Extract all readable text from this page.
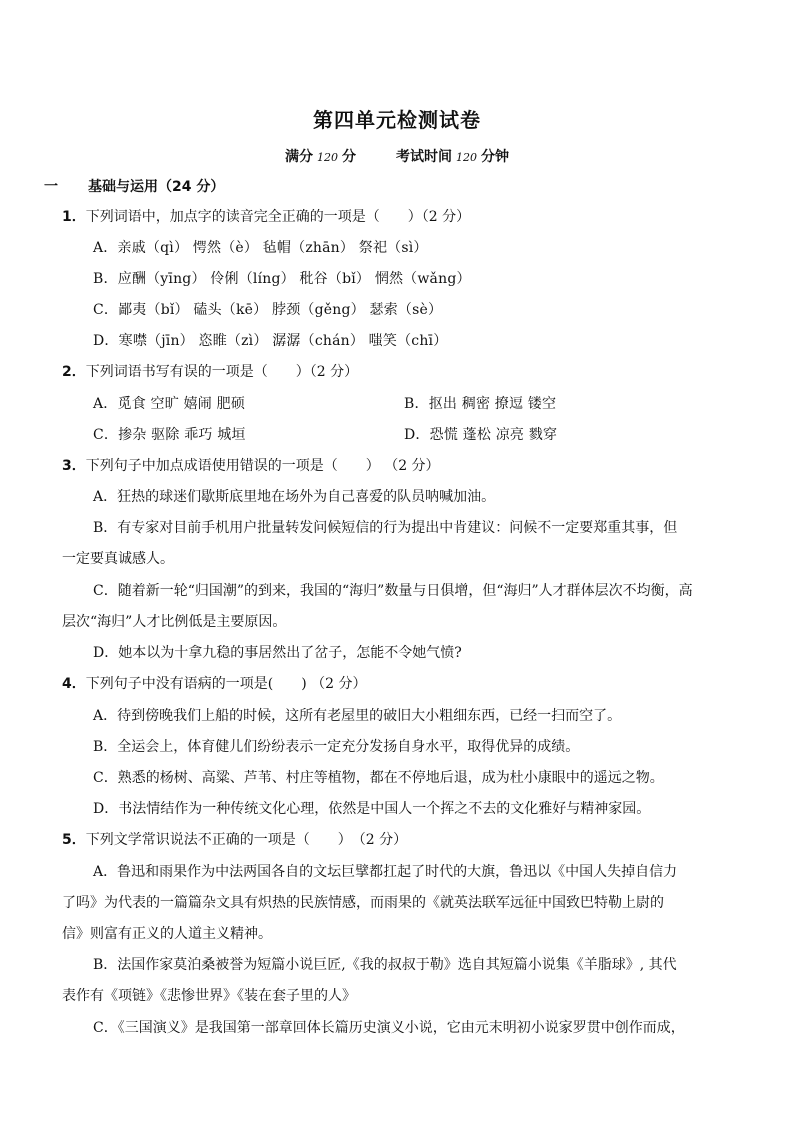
第四单元检测试卷
满分 120 分	考试时间 120 分钟
一 基础与运用（24 分）
1．下列词语中，加点字的读音完全正确的一项是（　　）（2 分）
A．亲戚（qì） 愕然（è） 毡帽（zhān） 祭祀（sì）
B．应酬（yīng） 伶俐（líng） 秕谷（bǐ） 惘然（wǎng）
C．鄙夷（bǐ） 磕头（kē） 脖颈（gěng） 瑟索（sè）
D．寒噤（jīn） 恣睢（zì） 潺潺（chán） 嗤笑（chī）
2．下列词语书写有误的一项是（　　）（2 分）
A．觅食 空旷 嬉闹 肥硕	B．抠出 稠密 撩逗 镂空
C．掺杂 驱除 乖巧 城垣	D．恐慌 蓬松 凉亮 戮穿
3．下列句子中加点成语使用错误的一项是（　　） （2 分）
A．狂热的球迷们歇斯底里地在场外为自己喜爱的队员呐喊加油。
B．有专家对目前手机用户批量转发问候短信的行为提出中肯建议：问候不一定要郑重其事，但
一定要真诚感人。
C．随着新一轮“归国潮”的到来，我国的“海归”数量与日俱增，但“海归”人才群体层次不均衡，高
层次“海归”人才比例低是主要原因。
D．她本以为十拿九稳的事居然出了岔子，怎能不令她气愤?
4．下列句子中没有语病的一项是(　　) （2 分）
A．待到傍晚我们上船的时候，这所有老屋里的破旧大小粗细东西，已经一扫而空了。
B．全运会上，体育健儿们纷纷表示一定充分发扬自身水平，取得优异的成绩。
C．熟悉的杨树、高粱、芦苇、村庄等植物，都在不停地后退，成为杜小康眼中的遥远之物。
D．书法情结作为一种传统文化心理，依然是中国人一个挥之不去的文化雅好与精神家园。
5．下列文学常识说法不正确的一项是（　　）　（2 分）
A．鲁迅和雨果作为中法两国各自的文坛巨擘都扛起了时代的大旗，鲁迅以《中国人失掉自信力
了吗》为代表的一篇篇杂文具有炽热的民族情感，而雨果的《就英法联军远征中国致巴特勒上尉的
信》则富有正义的人道主义精神。
B．法国作家莫泊桑被誉为短篇小说巨匠,《我的叔叔于勒》选自其短篇小说集《羊脂球》, 其代
表作有《项链》《悲惨世界》《装在套子里的人》
C．《三国演义》是我国第一部章回体长篇历史演义小说，它由元末明初小说家罗贯中创作而成，
